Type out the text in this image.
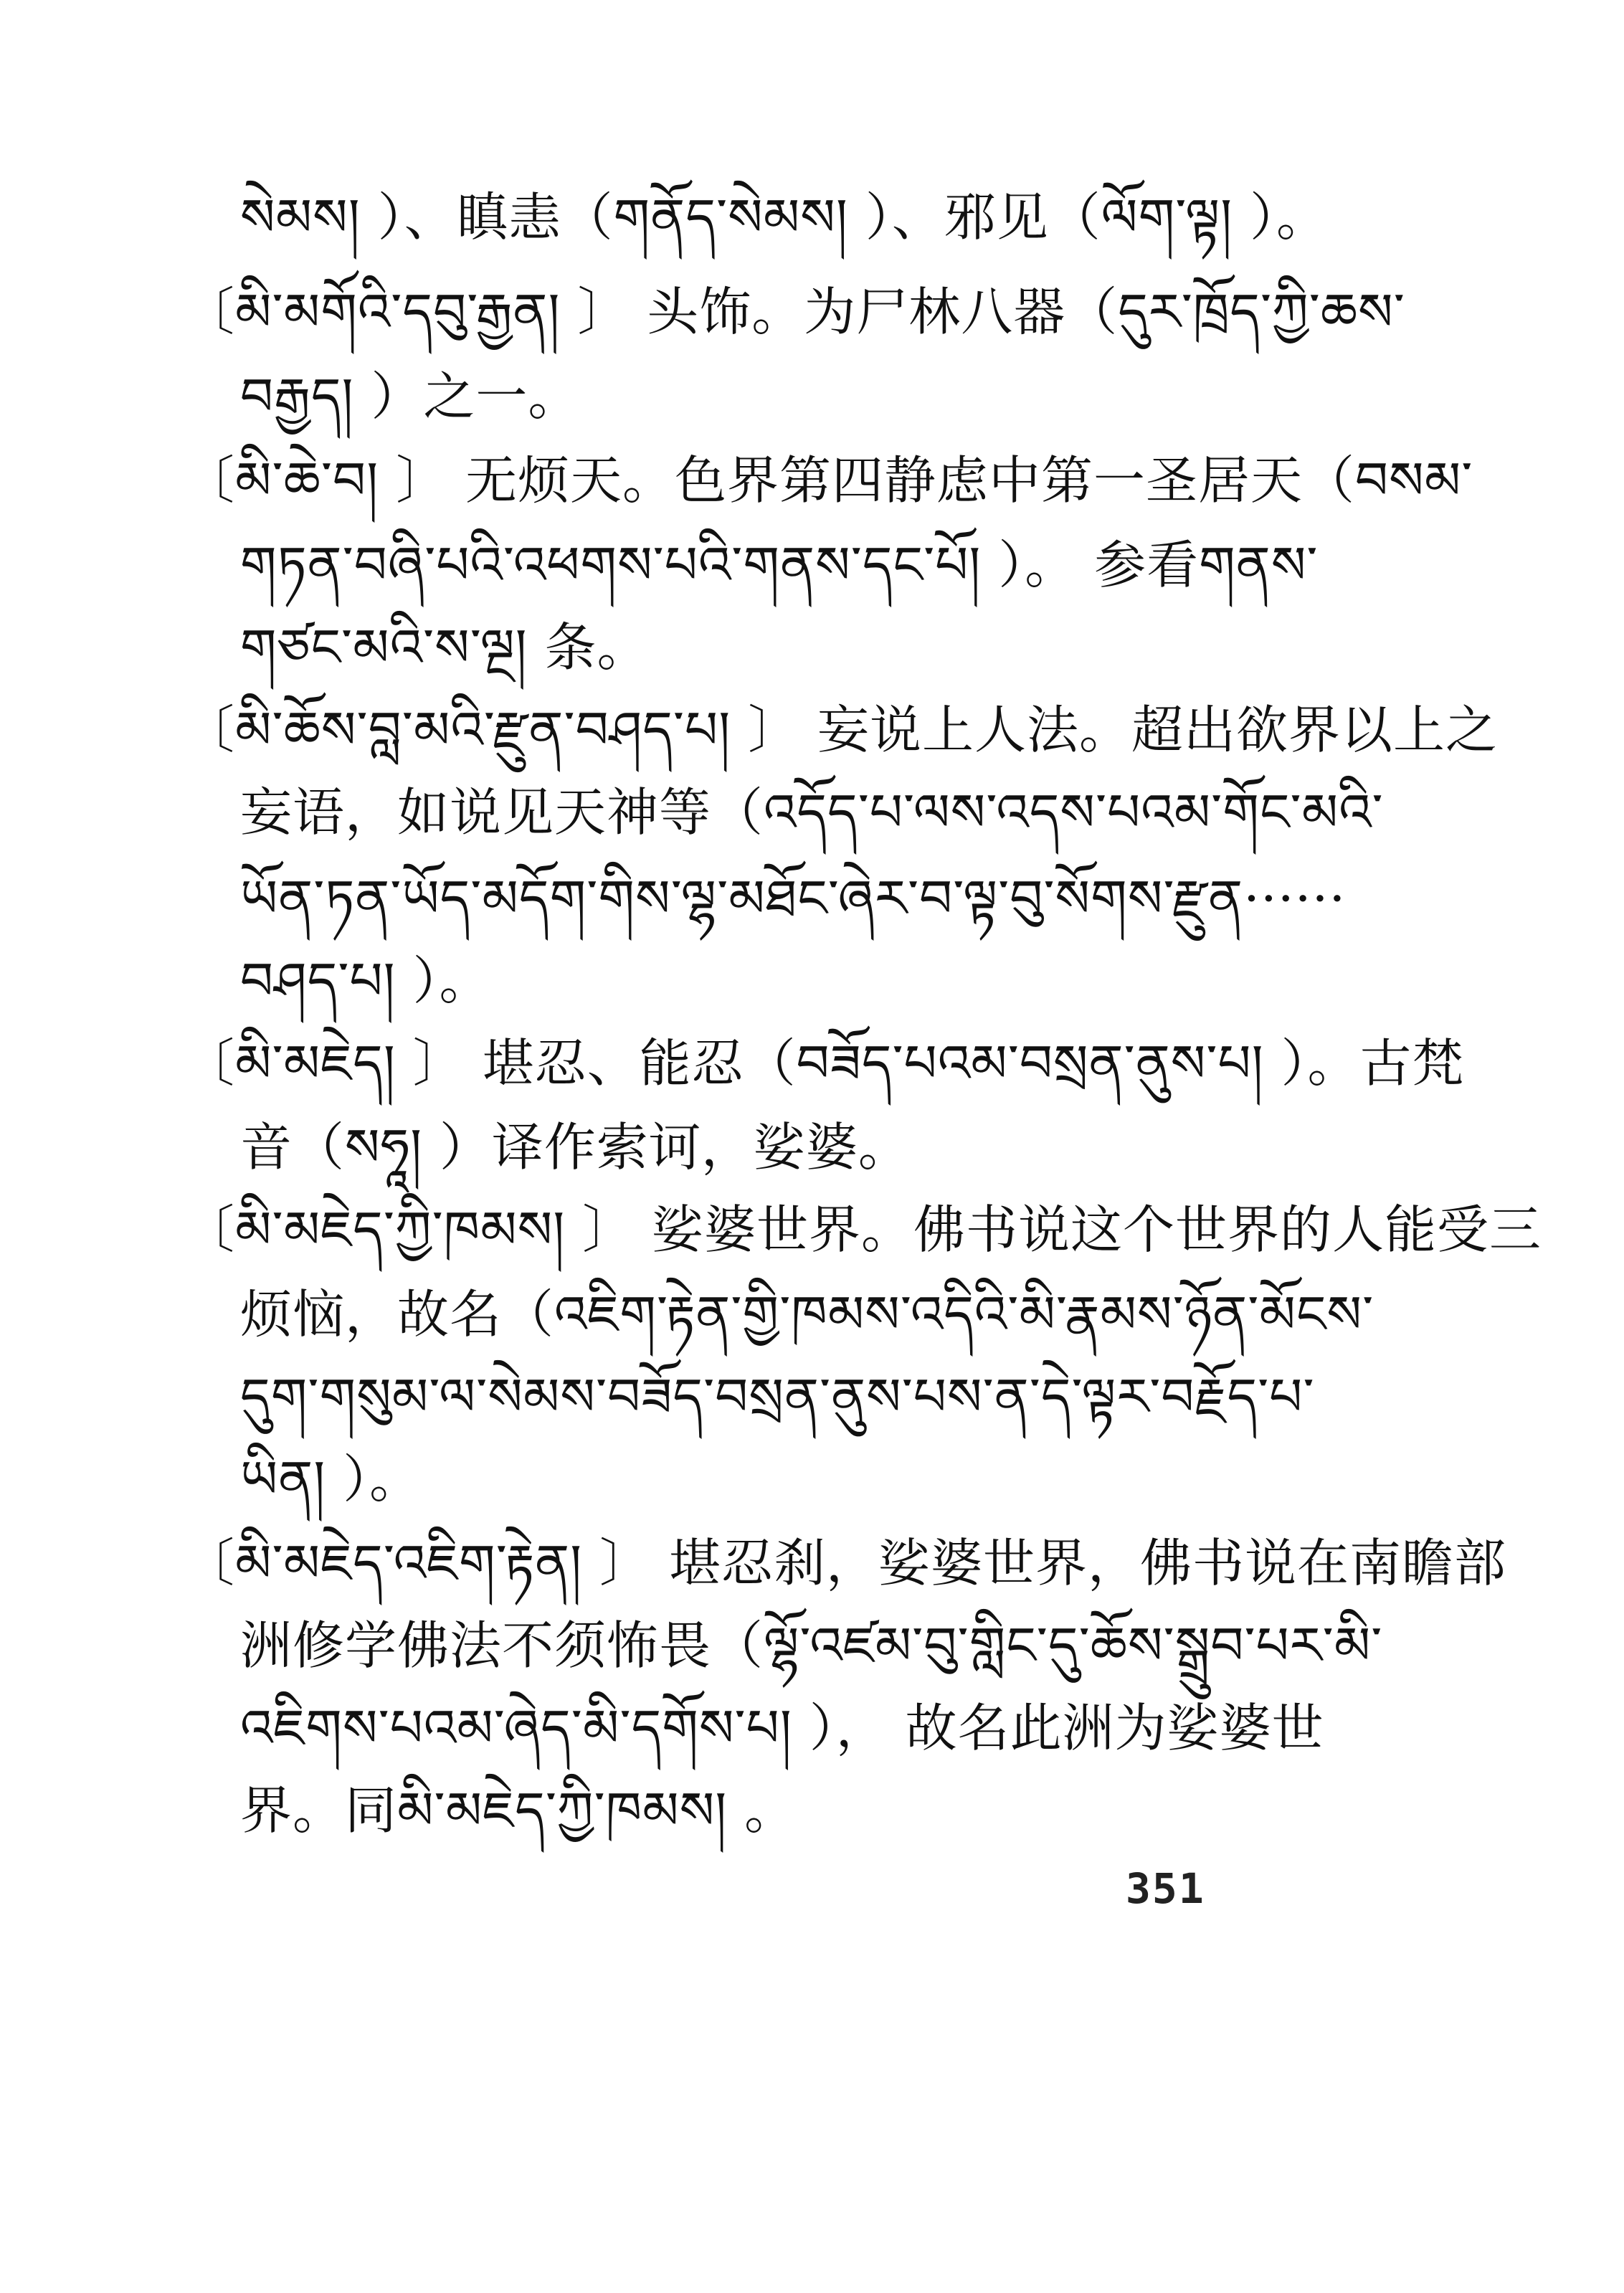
སེམས། ）、瞋恚（གནོད་སེམས། ）、邪见（ལོག་ལྟ། ）。
〔མི་མགོའི་དབུ་རྒྱན། 〕 头饰。为尸林八器（དུར་ཁྲོད་ཀྱི་ཆས་
བརྒྱད། ）之一。
〔མི་ཆེ་བ། 〕 无烦天。色界第四静虑中第一圣居天（བསམ་
གཏན་བཞི་པའི་འཕགས་པའི་གནས་དང་པོ། ）。 参看གནས་
གཙང་མའི་ས་ལྔ། 条。
〔མི་ཆོས་བླ་མའི་རྫུན་བཤད་པ། 〕 妄说上人法。超出欲界以上之
妄语，如说见天神等（འདོད་པ་ལས་འདས་པའམ་གོང་མའི་
ཡོན་ཏན་ཡོད་མདོག་གིས་ལྷ་མཐོང་ཞེར་བ་ལྟ་བུ་སོགས་རྫུན······
བཤད་པ། ）。
〔མི་མཇེད། 〕 堪忍、能忍（བཟོད་པའམ་བསྲན་ནུས་པ། ）。古梵
音（སཧཱ། ）译作索诃，娑婆。
〔མི་མཇེད་ཀྱི་ཁམས། 〕 娑婆世界。佛书说这个世界的人能受三
烦恼，故名（འཇིག་རྟེན་གྱི་ཁམས་འདིའི་མི་རྣམས་ཉོན་མོངས་
དུག་གསུམ་ལ་སེམས་བཟོད་བསྲན་ནུས་པས་ན་དེ་ལྟར་བརྗོད་པ་
ཡིན། ）。
〔མི་མཇེད་འཇིག་རྟེན། 〕 堪忍刹，娑婆世界，佛书说在南瞻部
洲修学佛法不须怖畏（ལྷོ་འཛམ་བུ་གླིང་དུ་ཆོས་སྒྲུབ་པར་མི་
འཇིགས་པའམ་ཞེད་མི་དགོས་པ། ）， 故名此洲为娑婆世
界。同མི་མཇེད་ཀྱི་ཁམས། 。
351
